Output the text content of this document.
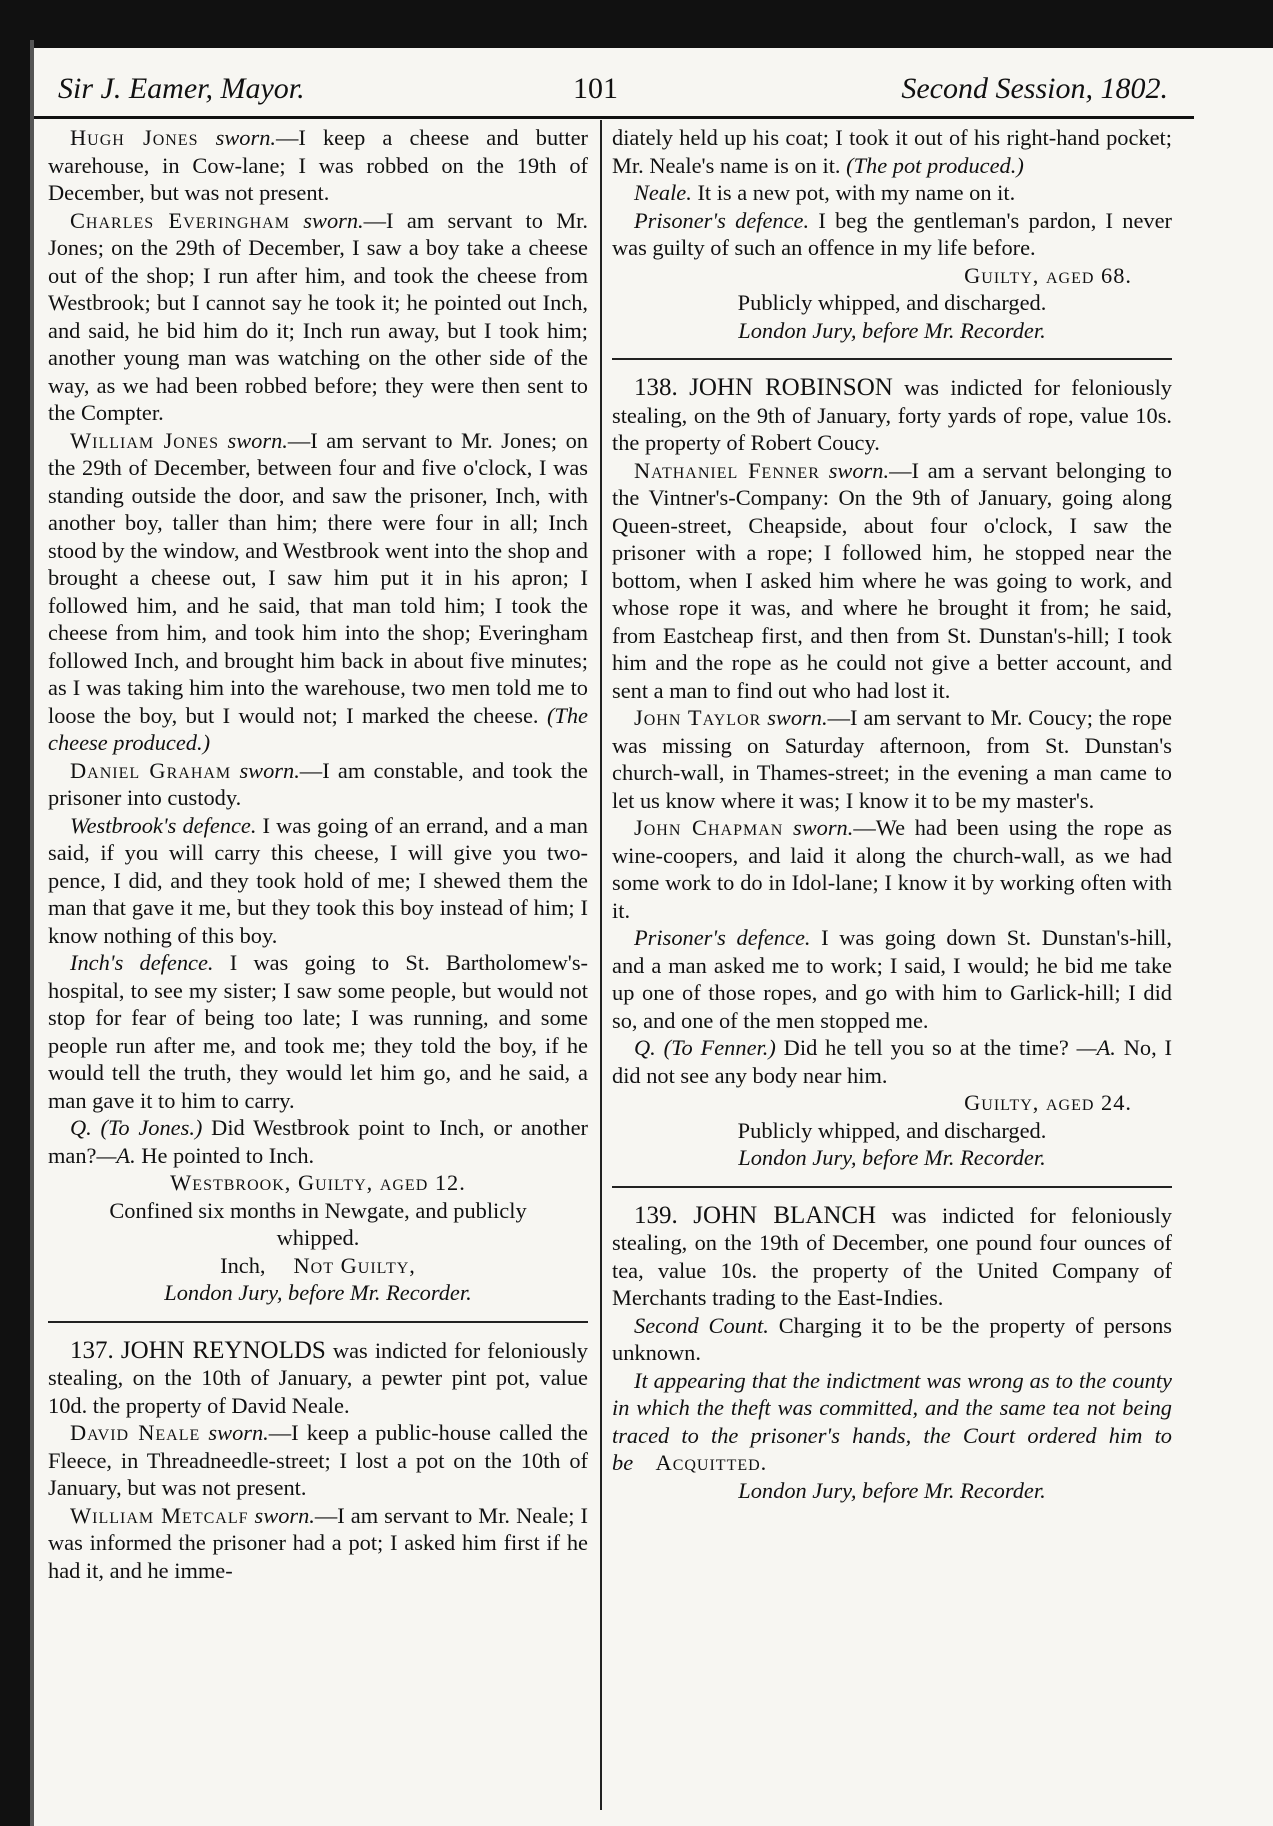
Sir J. Eamer, Mayor.	101	Second Session, 1802.

Hugh Jones sworn.—I keep a cheese and butter warehouse, in Cow-lane; I was robbed on the 19th of December, but was not present.

Charles Everingham sworn.—I am servant to Mr. Jones; on the 29th of December, I saw a boy take a cheese out of the shop; I run after him, and took the cheese from Westbrook; but I cannot say he took it; he pointed out Inch, and said, he bid him do it; Inch run away, but I took him; another young man was watching on the other side of the way, as we had been robbed before; they were then sent to the Compter.

William Jones sworn.—I am servant to Mr. Jones; on the 29th of December, between four and five o'clock, I was standing outside the door, and saw the prisoner, Inch, with another boy, taller than him; there were four in all; Inch stood by the window, and Westbrook went into the shop and brought a cheese out, I saw him put it in his apron; I followed him, and he said, that man told him; I took the cheese from him, and took him into the shop; Everingham followed Inch, and brought him back in about five minutes; as I was taking him into the warehouse, two men told me to loose the boy, but I would not; I marked the cheese. (The cheese produced.)

Daniel Graham sworn.—I am constable, and took the prisoner into custody.

Westbrook's defence. I was going of an errand, and a man said, if you will carry this cheese, I will give you two-pence, I did, and they took hold of me; I shewed them the man that gave it me, but they took this boy instead of him; I know nothing of this boy.

Inch's defence. I was going to St. Bartholomew's-hospital, to see my sister; I saw some people, but would not stop for fear of being too late; I was running, and some people run after me, and took me; they told the boy, if he would tell the truth, they would let him go, and he said, a man gave it to him to carry.

Q. (To Jones.) Did Westbrook point to Inch, or another man?—A. He pointed to Inch.

Westbrook, Guilty, aged 12.

Confined six months in Newgate, and publicly whipped.

Inch, Not Guilty,

London Jury, before Mr. Recorder.

137. JOHN REYNOLDS was indicted for feloniously stealing, on the 10th of January, a pewter pint pot, value 10d. the property of David Neale.

David Neale sworn.—I keep a public-house called the Fleece, in Threadneedle-street; I lost a pot on the 10th of January, but was not present.

William Metcalf sworn.—I am servant to Mr. Neale; I was informed the prisoner had a pot; I asked him first if he had it, and he imme-

diately held up his coat; I took it out of his right-hand pocket; Mr. Neale's name is on it. (The pot produced.)

Neale. It is a new pot, with my name on it.

Prisoner's defence. I beg the gentleman's pardon, I never was guilty of such an offence in my life before.

Guilty, aged 68.

Publicly whipped, and discharged.

London Jury, before Mr. Recorder.

138. JOHN ROBINSON was indicted for feloniously stealing, on the 9th of January, forty yards of rope, value 10s. the property of Robert Coucy.

Nathaniel Fenner sworn.—I am a servant belonging to the Vintner's-Company: On the 9th of January, going along Queen-street, Cheapside, about four o'clock, I saw the prisoner with a rope; I followed him, he stopped near the bottom, when I asked him where he was going to work, and whose rope it was, and where he brought it from; he said, from Eastcheap first, and then from St. Dunstan's-hill; I took him and the rope as he could not give a better account, and sent a man to find out who had lost it.

John Taylor sworn.—I am servant to Mr. Coucy; the rope was missing on Saturday afternoon, from St. Dunstan's church-wall, in Thames-street; in the evening a man came to let us know where it was; I know it to be my master's.

John Chapman sworn.—We had been using the rope as wine-coopers, and laid it along the church-wall, as we had some work to do in Idol-lane; I know it by working often with it.

Prisoner's defence. I was going down St. Dunstan's-hill, and a man asked me to work; I said, I would; he bid me take up one of those ropes, and go with him to Garlick-hill; I did so, and one of the men stopped me.

Q. (To Fenner.) Did he tell you so at the time? —A. No, I did not see any body near him.

Guilty, aged 24.

Publicly whipped, and discharged.

London Jury, before Mr. Recorder.

139. JOHN BLANCH was indicted for feloniously stealing, on the 19th of December, one pound four ounces of tea, value 10s. the property of the United Company of Merchants trading to the East-Indies.

Second Count. Charging it to be the property of persons unknown.

It appearing that the indictment was wrong as to the county in which the theft was committed, and the same tea not being traced to the prisoner's hands, the Court ordered him to be Acquitted.

London Jury, before Mr. Recorder.
